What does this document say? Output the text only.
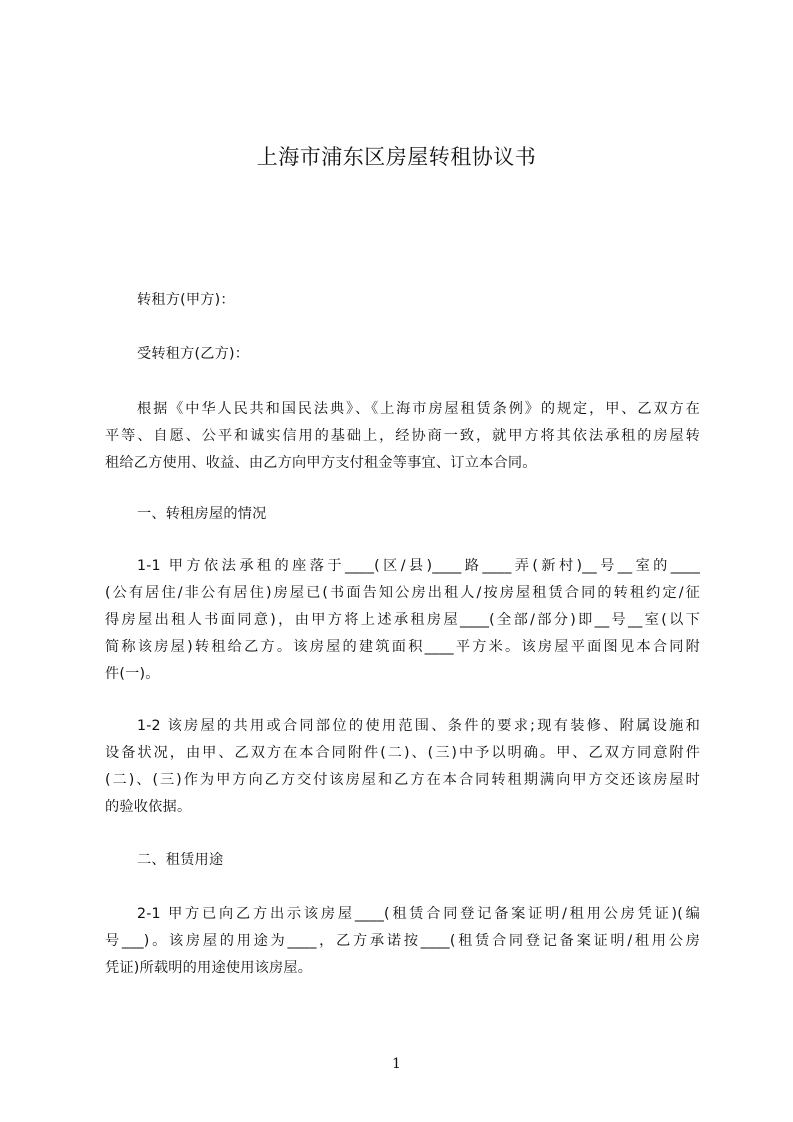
上海市浦东区房屋转租协议书
转租方(甲方)：
受转租方(乙方)：
根据《中华人民共和国民法典》、《上海市房屋租赁条例》的规定，甲、乙双方在
平等、自愿、公平和诚实信用的基础上，经协商一致，就甲方将其依法承租的房屋转
租给乙方使用、收益、由乙方向甲方支付租金等事宜、订立本合同。
一、转租房屋的情况
1-1 甲方依法承租的座落于____(区/县)____路____弄(新村)__号__室的____
(公有居住/非公有居住)房屋已(书面告知公房出租人/按房屋租赁合同的转租约定/征
得房屋出租人书面同意)，由甲方将上述承租房屋____(全部/部分)即__号__室(以下
简称该房屋)转租给乙方。该房屋的建筑面积____平方米。该房屋平面图见本合同附
件(一)。
1-2 该房屋的共用或合同部位的使用范围、条件的要求;现有装修、附属设施和
设备状况，由甲、乙双方在本合同附件(二)、(三)中予以明确。甲、乙双方同意附件
(二)、(三)作为甲方向乙方交付该房屋和乙方在本合同转租期满向甲方交还该房屋时
的验收依据。
二、租赁用途
2-1 甲方已向乙方出示该房屋____(租赁合同登记备案证明/租用公房凭证)(编
号___)。该房屋的用途为____，乙方承诺按____(租赁合同登记备案证明/租用公房
凭证)所载明的用途使用该房屋。
1
